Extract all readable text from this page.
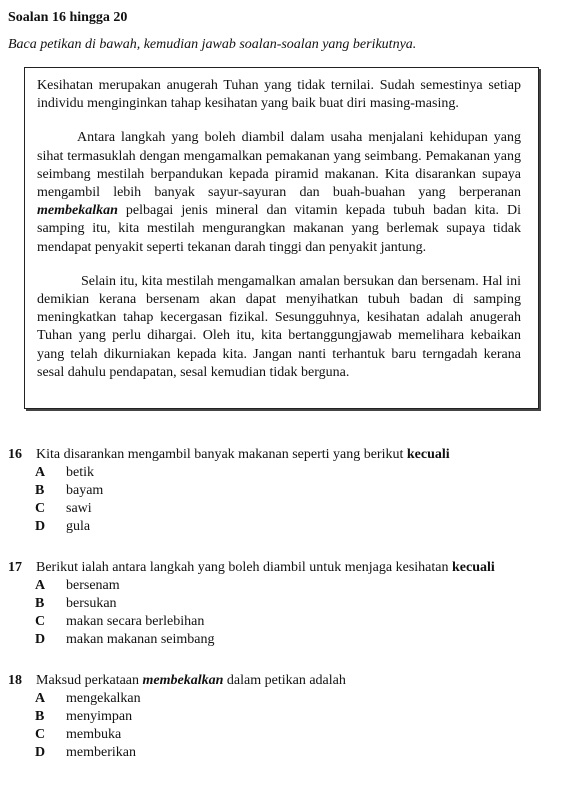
Soalan 16 hingga 20
Baca petikan di bawah, kemudian jawab soalan-soalan yang berikutnya.

Kesihatan merupakan anugerah Tuhan yang tidak ternilai. Sudah semestinya setiap individu menginginkan tahap kesihatan yang baik buat diri masing-masing.

Antara langkah yang boleh diambil dalam usaha menjalani kehidupan yang sihat termasuklah dengan mengamalkan pemakanan yang seimbang. Pemakanan yang seimbang mestilah berpandukan kepada piramid makanan. Kita disarankan supaya mengambil lebih banyak sayur-sayuran dan buah-buahan yang berperanan membekalkan pelbagai jenis mineral dan vitamin kepada tubuh badan kita. Di samping itu, kita mestilah mengurangkan makanan yang berlemak supaya tidak mendapat penyakit seperti tekanan darah tinggi dan penyakit jantung.

Selain itu, kita mestilah mengamalkan amalan bersukan dan bersenam. Hal ini demikian kerana bersenam akan dapat menyihatkan tubuh badan di samping meningkatkan tahap kecergasan fizikal. Sesungguhnya, kesihatan adalah anugerah Tuhan yang perlu dihargai. Oleh itu, kita bertanggungjawab memelihara kebaikan yang telah dikurniakan kepada kita. Jangan nanti terhantuk baru terngadah kerana sesal dahulu pendapatan, sesal kemudian tidak berguna.

16 Kita disarankan mengambil banyak makanan seperti yang berikut kecuali
A betik
B bayam
C sawi
D gula
17 Berikut ialah antara langkah yang boleh diambil untuk menjaga kesihatan kecuali
A bersenam
B bersukan
C makan secara berlebihan
D makan makanan seimbang
18 Maksud perkataan membekalkan dalam petikan adalah
A mengekalkan
B menyimpan
C membuka
D memberikan
